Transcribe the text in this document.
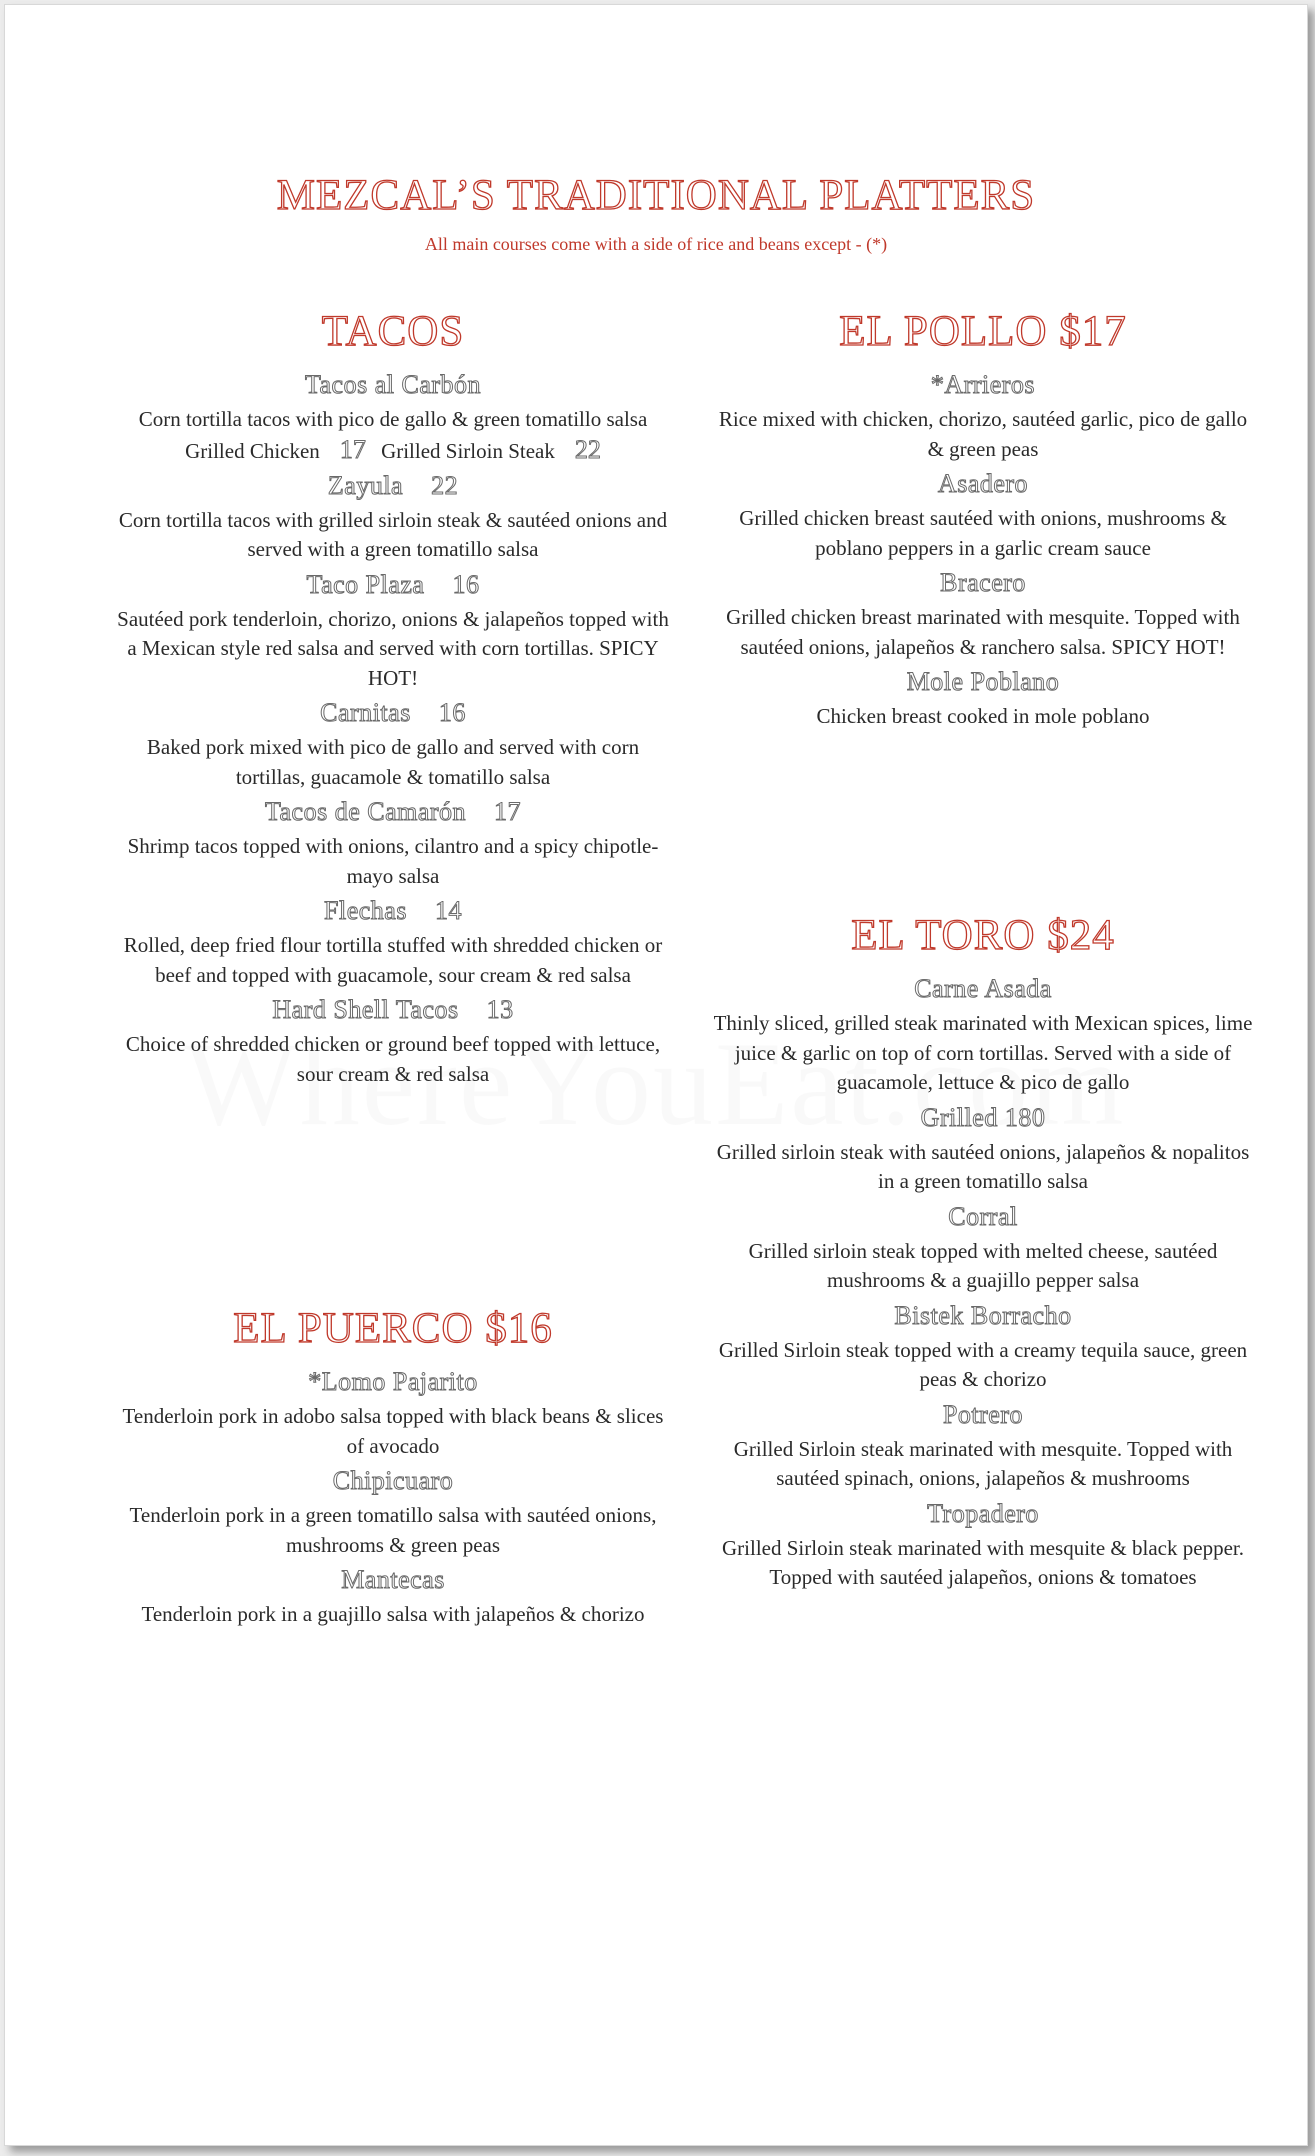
MEZCAL’S TRADITIONAL PLATTERS
All main courses come with a side of rice and beans except - (*)
TACOS
Tacos al Carbón
Corn tortilla tacos with pico de gallo & green tomatillo salsa
Grilled Chicken 17 Grilled Sirloin Steak 22
Zayula 22
Corn tortilla tacos with grilled sirloin steak & sautéed onions and served with a green tomatillo salsa
Taco Plaza 16
Sautéed pork tenderloin, chorizo, onions & jalapeños topped with a Mexican style red salsa and served with corn tortillas. SPICY HOT!
Carnitas 16
Baked pork mixed with pico de gallo and served with corn tortillas, guacamole & tomatillo salsa
Tacos de Camarón 17
Shrimp tacos topped with onions, cilantro and a spicy chipotle-mayo salsa
Flechas 14
Rolled, deep fried flour tortilla stuffed with shredded chicken or beef and topped with guacamole, sour cream & red salsa
Hard Shell Tacos 13
Choice of shredded chicken or ground beef topped with lettuce, sour cream & red salsa
EL PUERCO $16
*Lomo Pajarito
Tenderloin pork in adobo salsa topped with black beans & slices of avocado
Chipicuaro
Tenderloin pork in a green tomatillo salsa with sautéed onions, mushrooms & green peas
Mantecas
Tenderloin pork in a guajillo salsa with jalapeños & chorizo
EL POLLO $17
*Arrieros
Rice mixed with chicken, chorizo, sautéed garlic, pico de gallo & green peas
Asadero
Grilled chicken breast sautéed with onions, mushrooms & poblano peppers in a garlic cream sauce
Bracero
Grilled chicken breast marinated with mesquite. Topped with sautéed onions, jalapeños & ranchero salsa. SPICY HOT!
Mole Poblano
Chicken breast cooked in mole poblano
EL TORO $24
Carne Asada
Thinly sliced, grilled steak marinated with Mexican spices, lime juice & garlic on top of corn tortillas. Served with a side of guacamole, lettuce & pico de gallo
Grilled 180
Grilled sirloin steak with sautéed onions, jalapeños & nopalitos in a green tomatillo salsa
Corral
Grilled sirloin steak topped with melted cheese, sautéed mushrooms & a guajillo pepper salsa
Bistek Borracho
Grilled Sirloin steak topped with a creamy tequila sauce, green peas & chorizo
Potrero
Grilled Sirloin steak marinated with mesquite. Topped with sautéed spinach, onions, jalapeños & mushrooms
Tropadero
Grilled Sirloin steak marinated with mesquite & black pepper. Topped with sautéed jalapeños, onions & tomatoes
